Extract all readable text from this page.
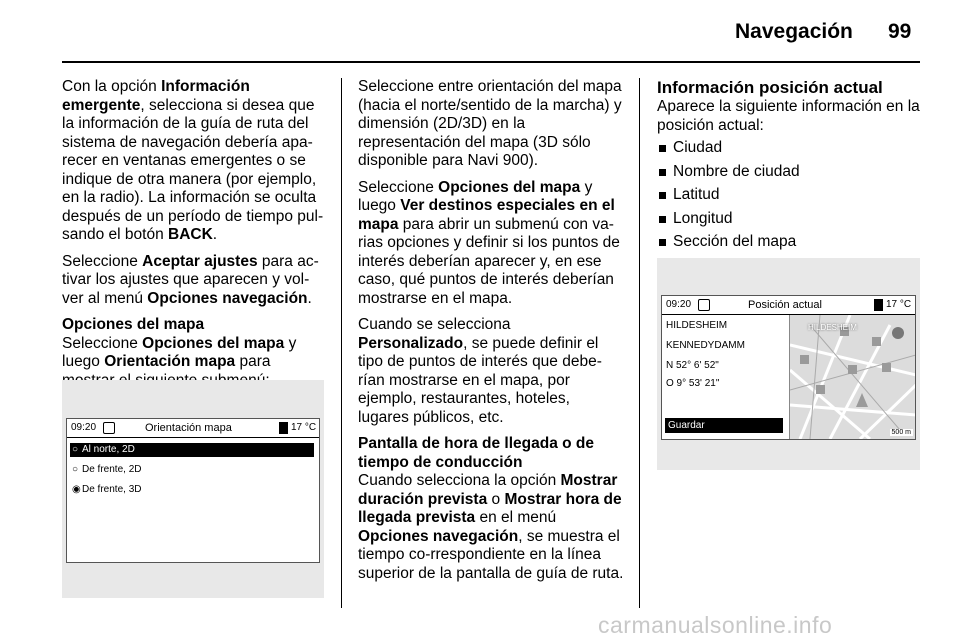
Navegación 99

Con la opción Información emergente, selecciona si desea que la información de la guía de ruta del sistema de navegación debería apa-recer en ventanas emergentes o se indique de otra manera (por ejemplo, en la radio). La información se oculta después de un período de tiempo pul-sando el botón BACK.

Seleccione Aceptar ajustes para ac-tivar los ajustes que aparecen y vol-ver al menú Opciones navegación.

Opciones del mapa

Seleccione Opciones del mapa y luego Orientación mapa para

09:20	Orientación mapa	17 °C
○ Al norte, 2D
○ De frente, 2D
◉ De frente, 3D

Seleccione entre orientación del mapa (hacia el norte/sentido de la marcha) y dimensión (2D/3D) en la representación del mapa (3D sólo disponible para Navi 900).

Seleccione Opciones del mapa y luego Ver destinos especiales en el mapa para abrir un submenú con va-rias opciones y definir si los puntos de interés deberían aparecer y, en ese caso, qué puntos de interés deberían mostrarse en el mapa.

Cuando se selecciona Personalizado, se puede definir el tipo de puntos de interés que debe-rían mostrarse en el mapa, por ejemplo, restaurantes, hoteles, lugares públicos, etc.

Pantalla de hora de llegada o de tiempo de conducción

Cuando selecciona la opción Mostrar duración prevista o Mostrar hora de llegada prevista en el menú Opciones navegación, se muestra el tiempo co-rrespondiente en la línea superior de la pantalla de guía de ruta.

Información posición actual

Aparece la siguiente información en la posición actual:

Ciudad
Nombre de ciudad
Latitud
Longitud
Sección del mapa
09:20	Posición actual	17 °C
HILDESHEIM
KENNEDYDAMM
N 52° 6' 52"
O 9° 53' 21"
Guardar
HILDESHEIM
500 m
carmanualsonline.info
